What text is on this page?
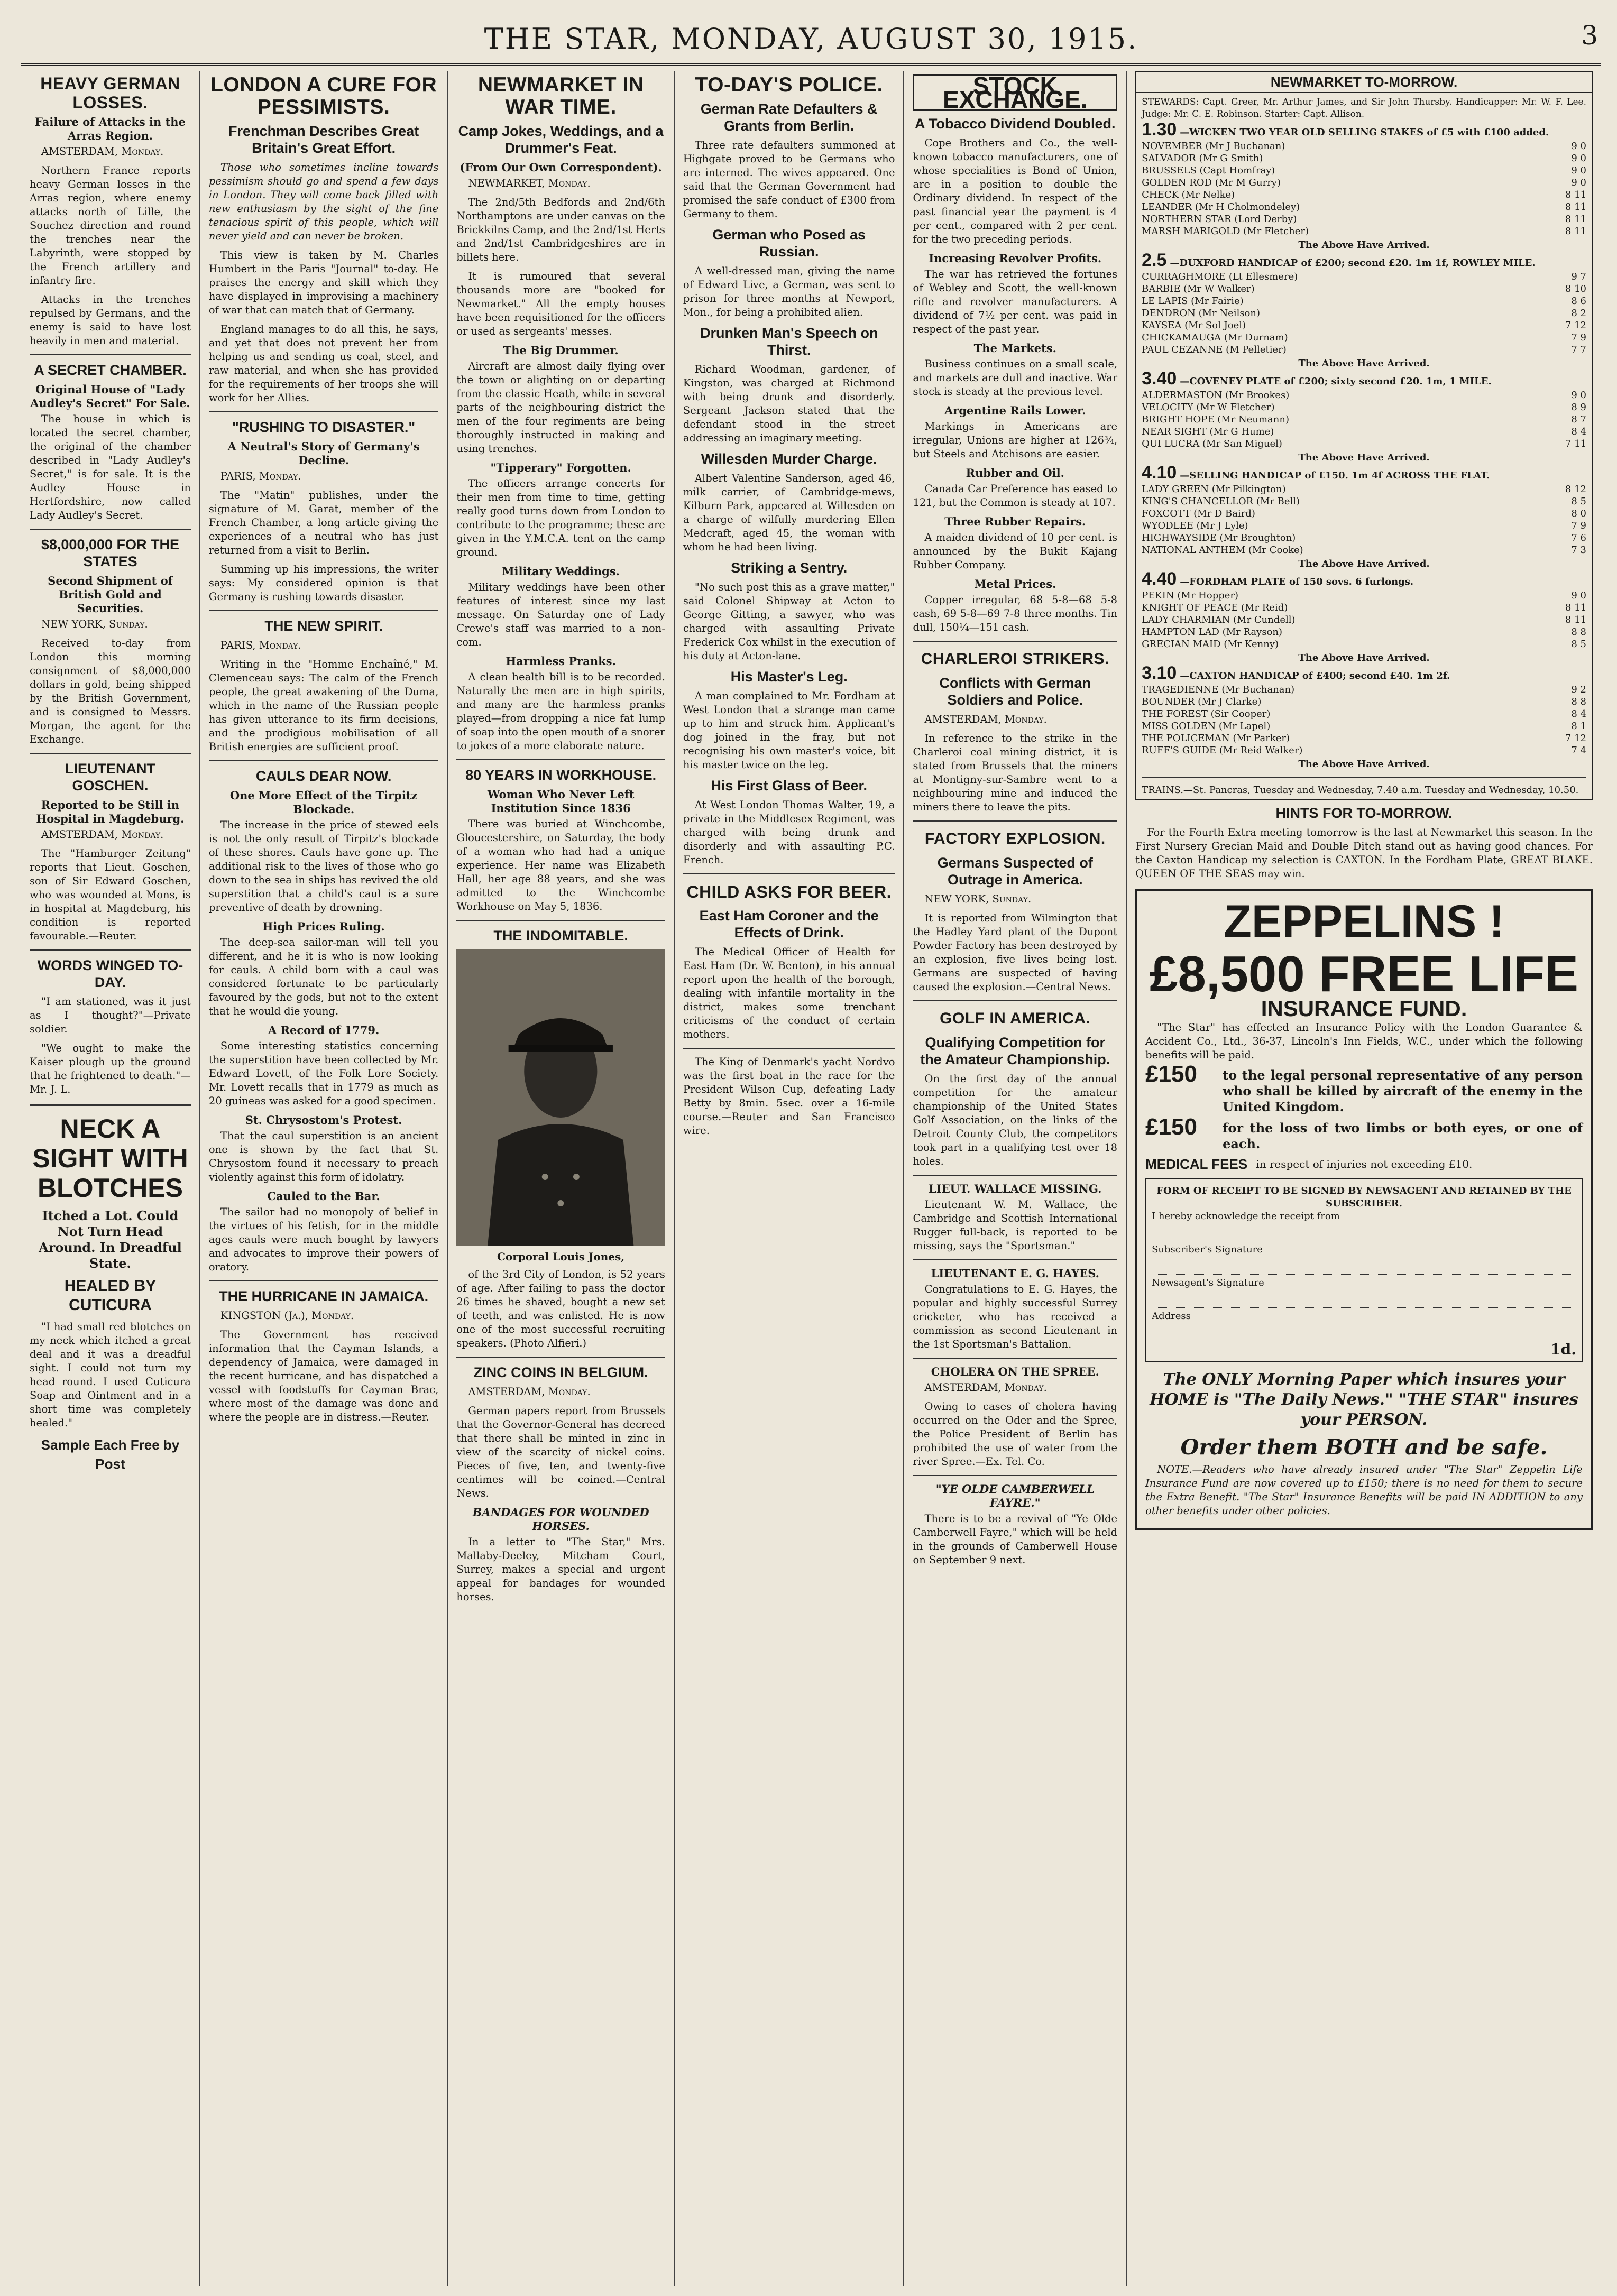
THE STAR, MONDAY, AUGUST 30, 1915.	3
HEAVY GERMAN LOSSES.
Failure of Attacks in the Arras Region.

AMSTERDAM, Monday.

Northern France reports heavy German losses in the Arras region, where enemy attacks north of Lille, the Souchez direction and round the trenches near the Labyrinth, were stopped by the French artillery and infantry fire.

Attacks in the trenches repulsed by Germans, and the enemy is said to have lost heavily in men and material.

A SECRET CHAMBER.
Original House of "Lady Audley's Secret" For Sale.

The house in which is located the secret chamber, the original of the chamber described in "Lady Audley's Secret," is for sale. It is the Audley House in Hertfordshire, now called Lady Audley's Secret.

$8,000,000 FOR THE STATES
Second Shipment of British Gold and Securities.

NEW YORK, Sunday.

Received to-day from London this morning consignment of $8,000,000 dollars in gold, being shipped by the British Government, and is consigned to Messrs. Morgan, the agent for the Exchange.

LIEUTENANT GOSCHEN.
Reported to be Still in Hospital in Magdeburg.

AMSTERDAM, Monday.

The "Hamburger Zeitung" reports that Lieut. Goschen, son of Sir Edward Goschen, who was wounded at Mons, is in hospital at Magdeburg, his condition is reported favourable.—Reuter.

WORDS WINGED TO-DAY.

"I am stationed, was it just as I thought?"—Private soldier.

"We ought to make the Kaiser plough up the ground that he frightened to death."—Mr. J. L.

NECK A SIGHT WITH BLOTCHES
Itched a Lot. Could Not Turn Head Around. In Dreadful State.
HEALED BY CUTICURA

"I had small red blotches on my neck which itched a great deal and it was a dreadful sight. I could not turn my head round. I used Cuticura Soap and Ointment and in a short time was completely healed."

Sample Each Free by Post
LONDON A CURE FOR PESSIMISTS.
Frenchman Describes Great Britain's Great Effort.

Those who sometimes incline towards pessimism should go and spend a few days in London. They will come back filled with new enthusiasm by the sight of the fine tenacious spirit of this people, which will never yield and can never be broken.

This view is taken by M. Charles Humbert in the Paris "Journal" to-day. He praises the energy and skill which they have displayed in improvising a machinery of war that can match that of Germany.

England manages to do all this, he says, and yet that does not prevent her from helping us and sending us coal, steel, and raw material, and when she has provided for the requirements of her troops she will work for her Allies.

"RUSHING TO DISASTER."
A Neutral's Story of Germany's Decline.

PARIS, Monday.

The "Matin" publishes, under the signature of M. Garat, member of the French Chamber, a long article giving the experiences of a neutral who has just returned from a visit to Berlin.

Summing up his impressions, the writer says: My considered opinion is that Germany is rushing towards disaster.

THE NEW SPIRIT.

PARIS, Monday.

Writing in the "Homme Enchaîné," M. Clemenceau says: The calm of the French people, the great awakening of the Duma, which in the name of the Russian people has given utterance to its firm decisions, and the prodigious mobilisation of all British energies are sufficient proof.

CAULS DEAR NOW.
One More Effect of the Tirpitz Blockade.

The increase in the price of stewed eels is not the only result of Tirpitz's blockade of these shores. Cauls have gone up. The additional risk to the lives of those who go down to the sea in ships has revived the old superstition that a child's caul is a sure preventive of death by drowning.

High Prices Ruling.

The deep-sea sailor-man will tell you different, and he it is who is now looking for cauls. A child born with a caul was considered fortunate to be particularly favoured by the gods, but not to the extent that he would die young.

A Record of 1779.

Some interesting statistics concerning the superstition have been collected by Mr. Edward Lovett, of the Folk Lore Society. Mr. Lovett recalls that in 1779 as much as 20 guineas was asked for a good specimen.

St. Chrysostom's Protest.

That the caul superstition is an ancient one is shown by the fact that St. Chrysostom found it necessary to preach violently against this form of idolatry.

Cauled to the Bar.

The sailor had no monopoly of belief in the virtues of his fetish, for in the middle ages cauls were much bought by lawyers and advocates to improve their powers of oratory.

THE HURRICANE IN JAMAICA.

KINGSTON (Ja.), Monday.

The Government has received information that the Cayman Islands, a dependency of Jamaica, were damaged in the recent hurricane, and has dispatched a vessel with foodstuffs for Cayman Brac, where most of the damage was done and where the people are in distress.—Reuter.

NEWMARKET IN WAR TIME.
Camp Jokes, Weddings, and a Drummer's Feat.
(From Our Own Correspondent).

NEWMARKET, Monday.

The 2nd/5th Bedfords and 2nd/6th Northamptons are under canvas on the Brickkilns Camp, and the 2nd/1st Herts and 2nd/1st Cambridgeshires are in billets here.

It is rumoured that several thousands more are "booked for Newmarket." All the empty houses have been requisitioned for the officers or used as sergeants' messes.

The Big Drummer.

Aircraft are almost daily flying over the town or alighting on or departing from the classic Heath, while in several parts of the neighbouring district the men of the four regiments are being thoroughly instructed in making and using trenches.

"Tipperary" Forgotten.

The officers arrange concerts for their men from time to time, getting really good turns down from London to contribute to the programme; these are given in the Y.M.C.A. tent on the camp ground.

Military Weddings.

Military weddings have been other features of interest since my last message. On Saturday one of Lady Crewe's staff was married to a non-com.

Harmless Pranks.

A clean health bill is to be recorded. Naturally the men are in high spirits, and many are the harmless pranks played—from dropping a nice fat lump of soap into the open mouth of a snorer to jokes of a more elaborate nature.

80 YEARS IN WORKHOUSE.
Woman Who Never Left Institution Since 1836

There was buried at Winchcombe, Gloucestershire, on Saturday, the body of a woman who had had a unique experience. Her name was Elizabeth Hall, her age 88 years, and she was admitted to the Winchcombe Workhouse on May 5, 1836.

THE INDOMITABLE.
Corporal Louis Jones,

of the 3rd City of London, is 52 years of age. After failing to pass the doctor 26 times he shaved, bought a new set of teeth, and was enlisted. He is now one of the most successful recruiting speakers. (Photo Alfieri.)

ZINC COINS IN BELGIUM.

AMSTERDAM, Monday.

German papers report from Brussels that the Governor-General has decreed that there shall be minted in zinc in view of the scarcity of nickel coins. Pieces of five, ten, and twenty-five centimes will be coined.—Central News.

BANDAGES FOR WOUNDED HORSES.

In a letter to "The Star," Mrs. Mallaby-Deeley, Mitcham Court, Surrey, makes a special and urgent appeal for bandages for wounded horses.

TO-DAY'S POLICE.
German Rate Defaulters & Grants from Berlin.

Three rate defaulters summoned at Highgate proved to be Germans who are interned. The wives appeared. One said that the German Government had promised the safe conduct of £300 from Germany to them.

German who Posed as Russian.

A well-dressed man, giving the name of Edward Live, a German, was sent to prison for three months at Newport, Mon., for being a prohibited alien.

Drunken Man's Speech on Thirst.

Richard Woodman, gardener, of Kingston, was charged at Richmond with being drunk and disorderly. Sergeant Jackson stated that the defendant stood in the street addressing an imaginary meeting.

Willesden Murder Charge.

Albert Valentine Sanderson, aged 46, milk carrier, of Cambridge-mews, Kilburn Park, appeared at Willesden on a charge of wilfully murdering Ellen Medcraft, aged 45, the woman with whom he had been living.

Striking a Sentry.

"No such post this as a grave matter," said Colonel Shipway at Acton to George Gitting, a sawyer, who was charged with assaulting Private Frederick Cox whilst in the execution of his duty at Acton-lane.

His Master's Leg.

A man complained to Mr. Fordham at West London that a strange man came up to him and struck him. Applicant's dog joined in the fray, but not recognising his own master's voice, bit his master twice on the leg.

His First Glass of Beer.

At West London Thomas Walter, 19, a private in the Middlesex Regiment, was charged with being drunk and disorderly and with assaulting P.C. French.

CHILD ASKS FOR BEER.
East Ham Coroner and the Effects of Drink.

The Medical Officer of Health for East Ham (Dr. W. Benton), in his annual report upon the health of the borough, dealing with infantile mortality in the district, makes some trenchant criticisms of the conduct of certain mothers.

The King of Denmark's yacht Nordvo was the first boat in the race for the President Wilson Cup, defeating Lady Betty by 8min. 5sec. over a 16-mile course.—Reuter and San Francisco wire.

STOCK EXCHANGE.
A Tobacco Dividend Doubled.

Cope Brothers and Co., the well-known tobacco manufacturers, one of whose specialities is Bond of Union, are in a position to double the Ordinary dividend. In respect of the past financial year the payment is 4 per cent., compared with 2 per cent. for the two preceding periods.

Increasing Revolver Profits.

The war has retrieved the fortunes of Webley and Scott, the well-known rifle and revolver manufacturers. A dividend of 7½ per cent. was paid in respect of the past year.

The Markets.

Business continues on a small scale, and markets are dull and inactive. War stock is steady at the previous level.

Argentine Rails Lower.

Markings in Americans are irregular, Unions are higher at 126¾, but Steels and Atchisons are easier.

Rubber and Oil.

Canada Car Preference has eased to 121, but the Common is steady at 107.

Three Rubber Repairs.

A maiden dividend of 10 per cent. is announced by the Bukit Kajang Rubber Company.

Metal Prices.

Copper irregular, 68 5-8—68 5-8 cash, 69 5-8—69 7-8 three months. Tin dull, 150¼—151 cash.

CHARLEROI STRIKERS.
Conflicts with German Soldiers and Police.

AMSTERDAM, Monday.

In reference to the strike in the Charleroi coal mining district, it is stated from Brussels that the miners at Montigny-sur-Sambre went to a neighbouring mine and induced the miners there to leave the pits.

FACTORY EXPLOSION.
Germans Suspected of Outrage in America.

NEW YORK, Sunday.

It is reported from Wilmington that the Hadley Yard plant of the Dupont Powder Factory has been destroyed by an explosion, five lives being lost. Germans are suspected of having caused the explosion.—Central News.

GOLF IN AMERICA.
Qualifying Competition for the Amateur Championship.

On the first day of the annual competition for the amateur championship of the United States Golf Association, on the links of the Detroit County Club, the competitors took part in a qualifying test over 18 holes.

LIEUT. WALLACE MISSING.

Lieutenant W. M. Wallace, the Cambridge and Scottish International Rugger full-back, is reported to be missing, says the "Sportsman."

LIEUTENANT E. G. HAYES.

Congratulations to E. G. Hayes, the popular and highly successful Surrey cricketer, who has received a commission as second Lieutenant in the 1st Sportsman's Battalion.

CHOLERA ON THE SPREE.

AMSTERDAM, Monday.

Owing to cases of cholera having occurred on the Oder and the Spree, the Police President of Berlin has prohibited the use of water from the river Spree.—Ex. Tel. Co.

"YE OLDE CAMBERWELL FAYRE."

There is to be a revival of "Ye Olde Camberwell Fayre," which will be held in the grounds of Camberwell House on September 9 next.

NEWMARKET TO-MORROW.
STEWARDS: Capt. Greer, Mr. Arthur James, and Sir John Thursby. Handicapper: Mr. W. F. Lee. Judge: Mr. C. E. Robinson. Starter: Capt. Allison.
1.30 —WICKEN TWO YEAR OLD SELLING STAKES of £5 with £100 added.
NOVEMBER (Mr J Buchanan)	9 0
SALVADOR (Mr G Smith)	9 0
BRUSSELS (Capt Homfray)	9 0
GOLDEN ROD (Mr M Gurry)	9 0
CHECK (Mr Nelke)	8 11
LEANDER (Mr H Cholmondeley)	8 11
NORTHERN STAR (Lord Derby)	8 11
MARSH MARIGOLD (Mr Fletcher)	8 11
The Above Have Arrived.
2.5 —DUXFORD HANDICAP of £200; second £20. 1m 1f, ROWLEY MILE.
CURRAGHMORE (Lt Ellesmere)	9 7
BARBIE (Mr W Walker)	8 10
LE LAPIS (Mr Fairie)	8 6
DENDRON (Mr Neilson)	8 2
KAYSEA (Mr Sol Joel)	7 12
CHICKAMAUGA (Mr Durnam)	7 9
PAUL CEZANNE (M Pelletier)	7 7
The Above Have Arrived.
3.40 —COVENEY PLATE of £200; sixty second £20. 1m, 1 MILE.
ALDERMASTON (Mr Brookes)	9 0
VELOCITY (Mr W Fletcher)	8 9
BRIGHT HOPE (Mr Neumann)	8 7
NEAR SIGHT (Mr G Hume)	8 4
QUI LUCRA (Mr San Miguel)	7 11
The Above Have Arrived.
4.10 —SELLING HANDICAP of £150. 1m 4f ACROSS THE FLAT.
LADY GREEN (Mr Pilkington)	8 12
KING'S CHANCELLOR (Mr Bell)	8 5
FOXCOTT (Mr D Baird)	8 0
WYODLEE (Mr J Lyle)	7 9
HIGHWAYSIDE (Mr Broughton)	7 6
NATIONAL ANTHEM (Mr Cooke)	7 3
The Above Have Arrived.
4.40 —FORDHAM PLATE of 150 sovs. 6 furlongs.
PEKIN (Mr Hopper)	9 0
KNIGHT OF PEACE (Mr Reid)	8 11
LADY CHARMIAN (Mr Cundell)	8 11
HAMPTON LAD (Mr Rayson)	8 8
GRECIAN MAID (Mr Kenny)	8 5
The Above Have Arrived.
3.10 —CAXTON HANDICAP of £400; second £40. 1m 2f.
TRAGEDIENNE (Mr Buchanan)	9 2
BOUNDER (Mr J Clarke)	8 8
THE FOREST (Sir Cooper)	8 4
MISS GOLDEN (Mr Lapel)	8 1
THE POLICEMAN (Mr Parker)	7 12
RUFF'S GUIDE (Mr Reid Walker)	7 4
The Above Have Arrived.
TRAINS.—St. Pancras, Tuesday and Wednesday, 7.40 a.m. Tuesday and Wednesday, 10.50.
HINTS FOR TO-MORROW.

For the Fourth Extra meeting tomorrow is the last at Newmarket this season. In the First Nursery Grecian Maid and Double Ditch stand out as having good chances. For the Caxton Handicap my selection is CAXTON. In the Fordham Plate, GREAT BLAKE. QUEEN OF THE SEAS may win.

ZEPPELINS !
£8,500 FREE LIFE
INSURANCE FUND.

"The Star" has effected an Insurance Policy with the London Guarantee & Accident Co., Ltd., 36-37, Lincoln's Inn Fields, W.C., under which the following benefits will be paid.

£150	to the legal personal representative of any person who shall be killed by aircraft of the enemy in the United Kingdom.
£150	for the loss of two limbs or both eyes, or one of each.
MEDICAL FEES in respect of injuries not exceeding £10.
FORM OF RECEIPT TO BE SIGNED BY NEWSAGENT AND RETAINED BY THE SUBSCRIBER.
I hereby acknowledge the receipt from
Subscriber's Signature
Newsagent's Signature
Address
1d.
The ONLY Morning Paper which insures your HOME is "The Daily News." "THE STAR" insures your PERSON.
Order them BOTH and be safe.

NOTE.—Readers who have already insured under "The Star" Zeppelin Life Insurance Fund are now covered up to £150; there is no need for them to secure the Extra Benefit. "The Star" Insurance Benefits will be paid IN ADDITION to any other benefits under other policies.
